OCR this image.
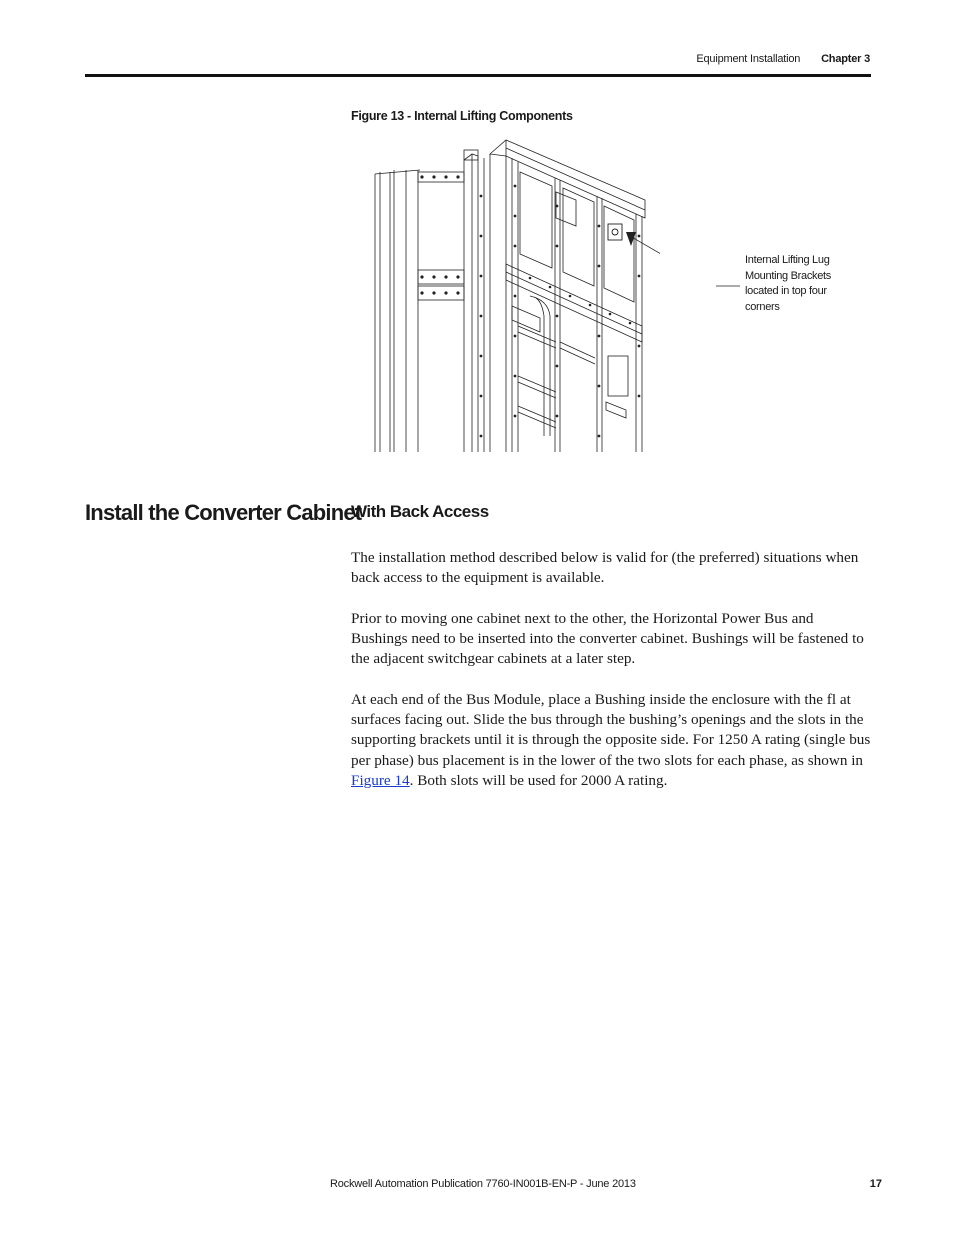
Equipment Installation Chapter 3
Figure 13 - Internal Lifting Components
Internal Lifting Lug Mounting Brackets located in top four corners
Install the Converter Cabinet
With Back Access

The installation method described below is valid for (the preferred) situations when back access to the equipment is available.

Prior to moving one cabinet next to the other, the Horizontal Power Bus and Bushings need to be inserted into the converter cabinet. Bushings will be fastened to the adjacent switchgear cabinets at a later step.

At each end of the Bus Module, place a Bushing inside the enclosure with the fl at surfaces facing out. Slide the bus through the bushing’s openings and the slots in the supporting brackets until it is through the opposite side. For 1250 A rating (single bus per phase) bus placement is in the lower of the two slots for each phase, as shown in Figure 14. Both slots will be used for 2000 A rating.

Rockwell Automation Publication 7760-IN001B-EN-P - June 2013	17
